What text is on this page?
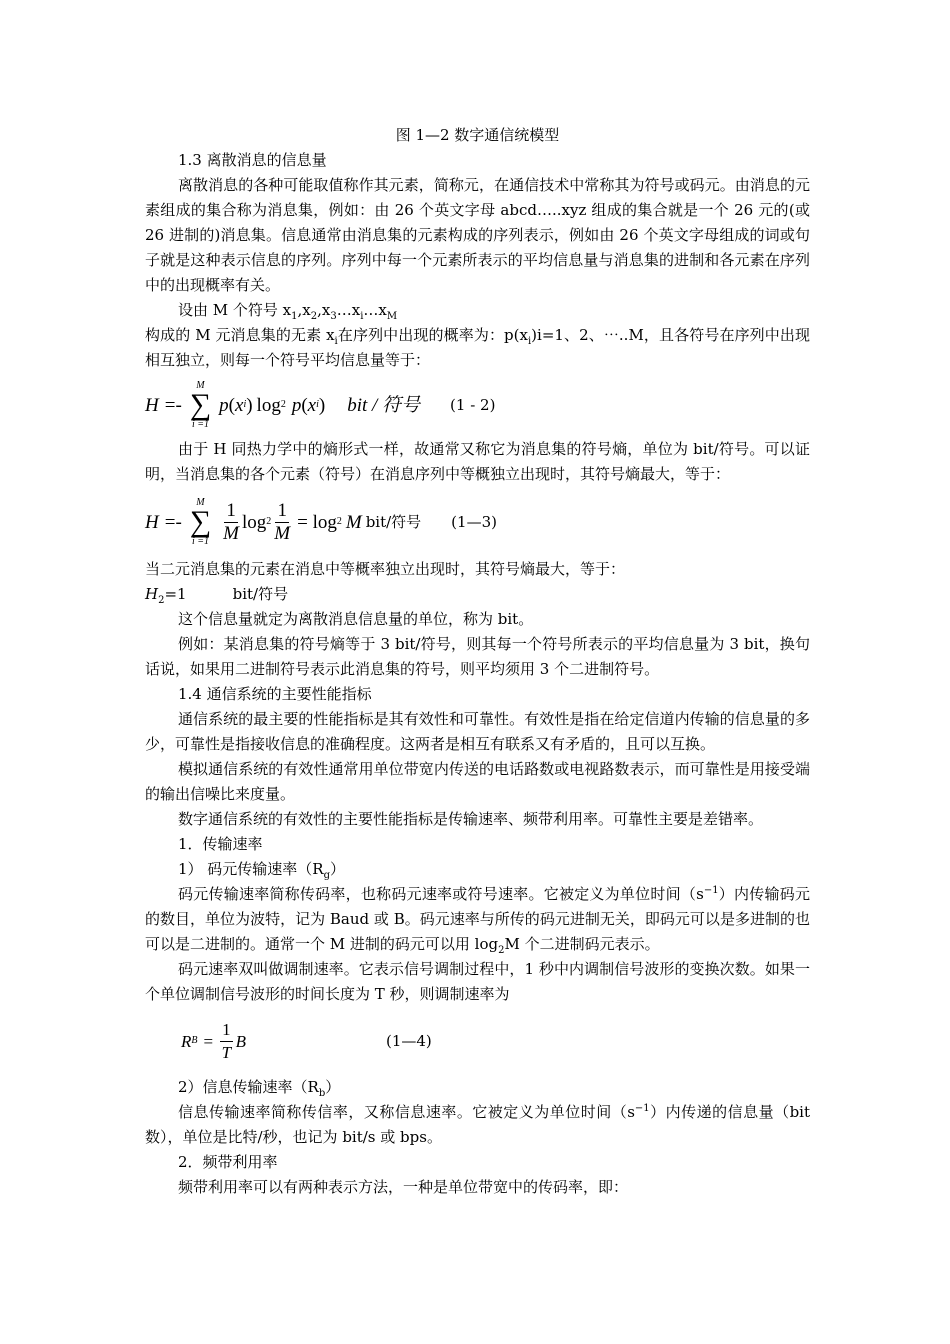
图 1—2 数字通信统模型

1.3 离散消息的信息量

离散消息的各种可能取值称作其元素，简称元，在通信技术中常称其为符号或码元。由消息的元素组成的集合称为消息集，例如：由 26 个英文字母 abcd…..xyz 组成的集合就是一个 26 元的(或 26 进制的)消息集。信息通常由消息集的元素构成的序列表示，例如由 26 个英文字母组成的词或句子就是这种表示信息的序列。序列中每一个元素所表示的平均信息量与消息集的进制和各元素在序列中的出现概率有关。

设由 M 个符号 $x_1,x_2,x_3\dots x_i\dots x_M$

构成的 M 元消息集的无素 $x_i$在序列中出现的概率为：$p(x_i)i=1$、2、⋯..M，且各符号在序列中出现相互独立，则每一个符号平均信息量等于：

H =-
M
∑
i =1
p ( x i ) log 2 p ( x i ) bit / 符号 (1 - 2)

由于 H 同热力学中的熵形式一样，故通常又称它为消息集的符号熵，单位为 bit/符号。可以证明，当消息集的各个元素（符号）在消息序列中等概独立出现时，其符号熵最大，等于：

H =-
M
∑
$i =1 \frac{1}{M}$ $\log 2 \frac{1}{M} = \log 2$ M bit/符号 (1—3)

当二元消息集的元素在消息中等概率独立出现时，其符号熵最大，等于：

$H_2=1$	bit/符号

这个信息量就定为离散消息信息量的单位，称为 bit。

例如：某消息集的符号熵等于 3 bit/符号，则其每一个符号所表示的平均信息量为 3 bit，换句话说，如果用二进制符号表示此消息集的符号，则平均须用 3 个二进制符号。

1.4 通信系统的主要性能指标

通信系统的最主要的性能指标是其有效性和可靠性。有效性是指在给定信道内传输的信息量的多少，可靠性是指接收信息的准确程度。这两者是相互有联系又有矛盾的，且可以互换。

模拟通信系统的有效性通常用单位带宽内传送的电话路数或电视路数表示，而可靠性是用接受端的输出信噪比来度量。

数字通信系统的有效性的主要性能指标是传输速率、频带利用率。可靠性主要是差错率。

1．传输速率

1） 码元传输速率$(R_g)$

码元传输速率简称传码率，也称码元速率或符号速率。它被定义为单位时间$(s^{-1})$内传输码元的数目，单位为波特，记为 Baud 或 B。码元速率与所传的码元进制无关，即码元可以是多进制的也可以是二进制的。通常一个 M 进制的码元可以用 $\log_2M$ 个二进制码元表示。

码元速率双叫做调制速率。它表示信号调制过程中，1 秒中内调制信号波形的变换次数。如果一个单位调制信号波形的时间长度为 T 秒，则调制速率为

R $B = \frac{1}{T}$ B	(1—4)

2）信息传输速率$(R_b)$

信息传输速率简称传信率，又称信息速率。它被定义为单位时间$(s^{-1})$内传递的信息量（bit 数），单位是比特/秒，也记为 bit/s 或 bps。

2．频带利用率

频带利用率可以有两种表示方法，一种是单位带宽中的传码率，即：
